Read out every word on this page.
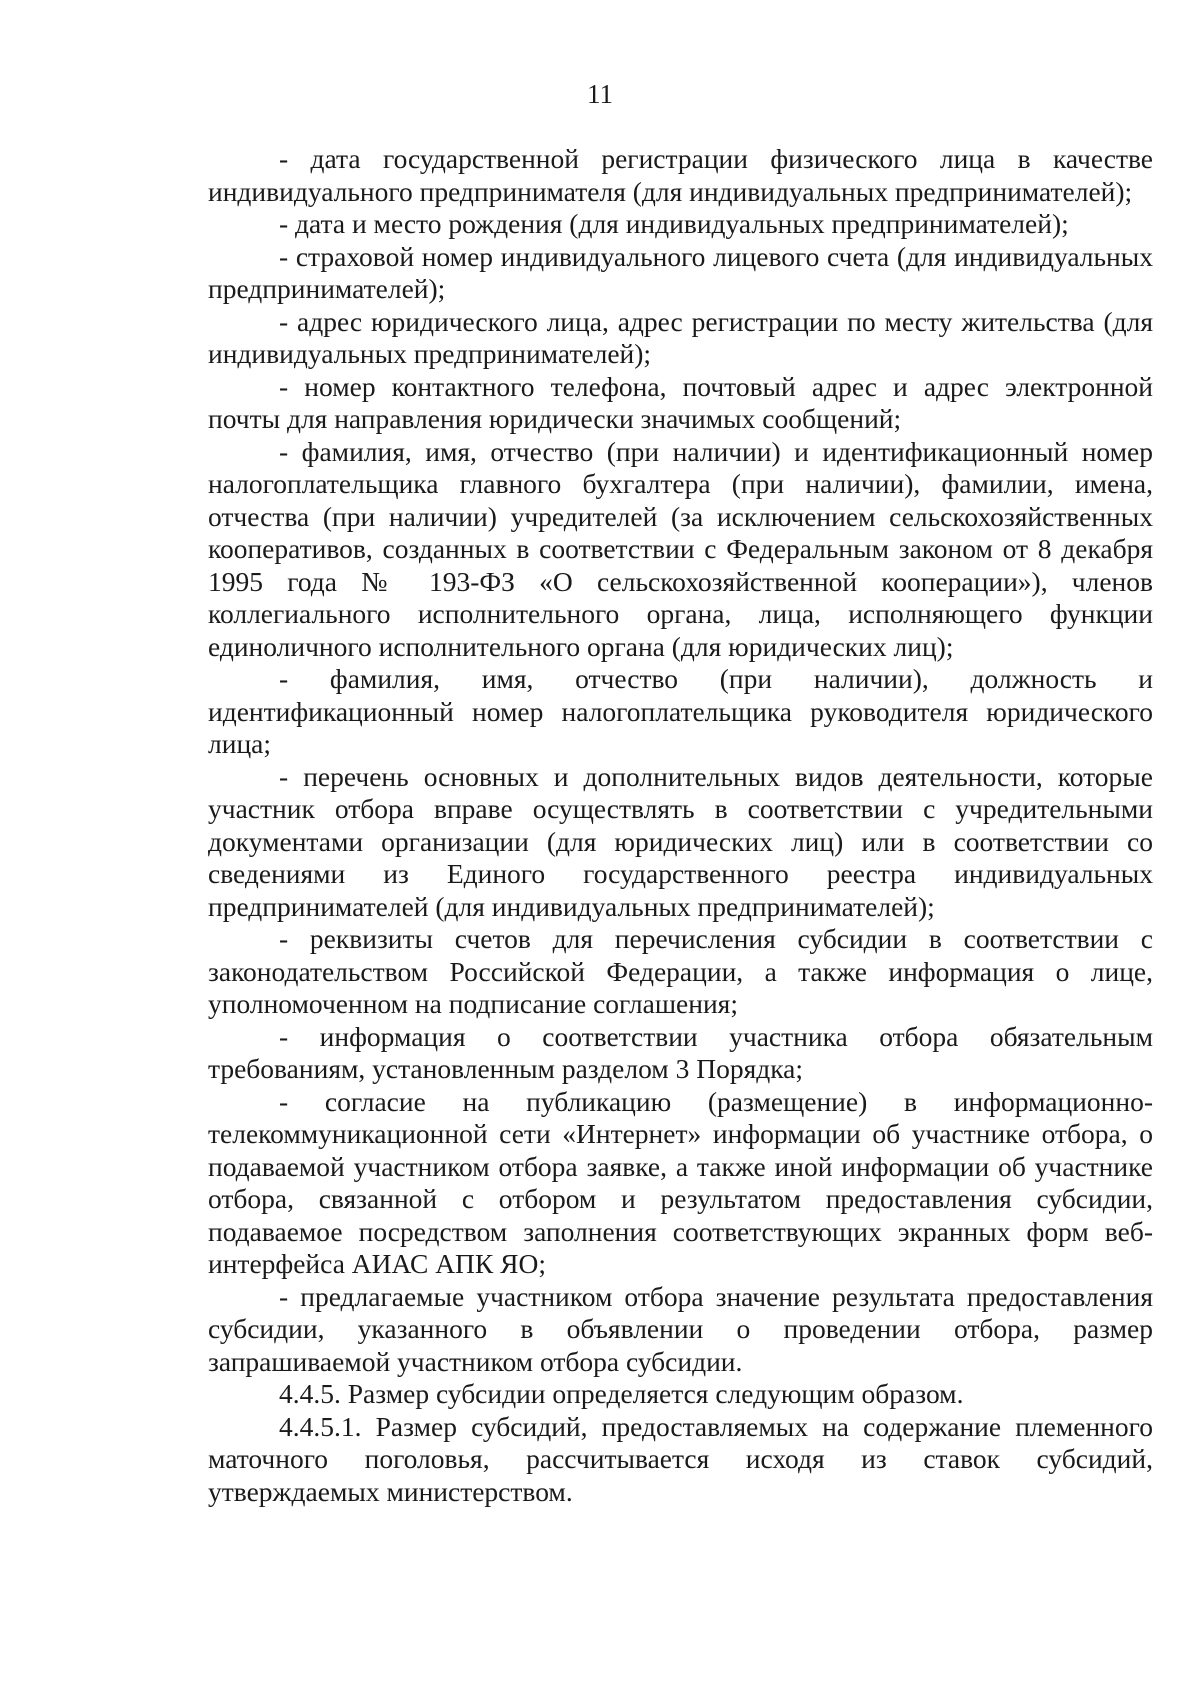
11

- дата государственной регистрации физического лица в качестве индивидуального предпринимателя (для индивидуальных предпринимателей);

- дата и место рождения (для индивидуальных предпринимателей);

- страховой номер индивидуального лицевого счета (для индивидуальных предпринимателей);

- адрес юридического лица, адрес регистрации по месту жительства (для индивидуальных предпринимателей);

- номер контактного телефона, почтовый адрес и адрес электронной почты для направления юридически значимых сообщений;

- фамилия, имя, отчество (при наличии) и идентификационный номер налогоплательщика главного бухгалтера (при наличии), фамилии, имена, отчества (при наличии) учредителей (за исключением сельскохозяйственных кооперативов, созданных в соответствии с Федеральным законом от 8 декабря 1995 года № 193-ФЗ «О сельскохозяйственной кооперации»), членов коллегиального исполнительного органа, лица, исполняющего функции единоличного исполнительного органа (для юридических лиц);

- фамилия, имя, отчество (при наличии), должность и идентификационный номер налогоплательщика руководителя юридического лица;

- перечень основных и дополнительных видов деятельности, которые участник отбора вправе осуществлять в соответствии с учредительными документами организации (для юридических лиц) или в соответствии со сведениями из Единого государственного реестра индивидуальных предпринимателей (для индивидуальных предпринимателей);

- реквизиты счетов для перечисления субсидии в соответствии с законодательством Российской Федерации, а также информация о лице, уполномоченном на подписание соглашения;

- информация о соответствии участника отбора обязательным требованиям, установленным разделом 3 Порядка;

- согласие на публикацию (размещение) в информационно-телекоммуникационной сети «Интернет» информации об участнике отбора, о подаваемой участником отбора заявке, а также иной информации об участнике отбора, связанной с отбором и результатом предоставления субсидии, подаваемое посредством заполнения соответствующих экранных форм веб-интерфейса АИАС АПК ЯО;

- предлагаемые участником отбора значение результата предоставления субсидии, указанного в объявлении о проведении отбора, размер запрашиваемой участником отбора субсидии.

4.4.5. Размер субсидии определяется следующим образом.

4.4.5.1. Размер субсидий, предоставляемых на содержание племенного маточного поголовья, рассчитывается исходя из ставок субсидий, утверждаемых министерством.
